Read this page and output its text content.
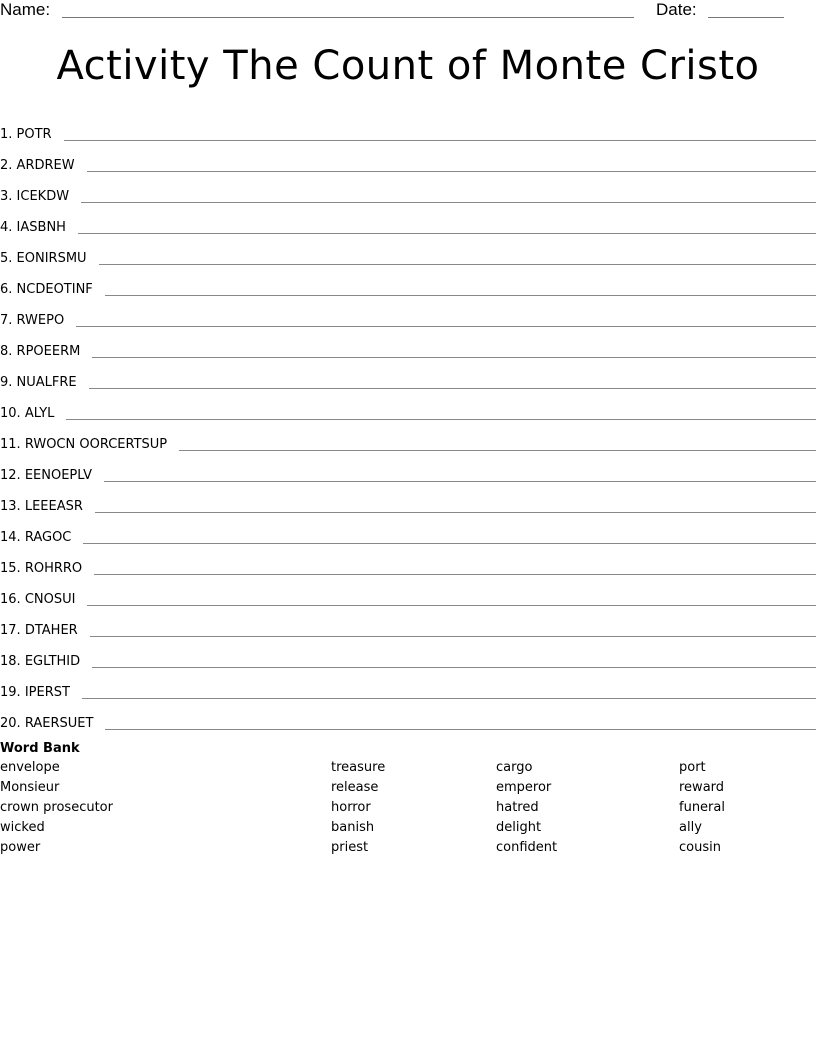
Name:	Date:
Activity The Count of Monte Cristo
1. POTR
2. ARDREW
3. ICEKDW
4. IASBNH
5. EONIRSMU
6. NCDEOTINF
7. RWEPO
8. RPOEERM
9. NUALFRE
10. ALYL
11. RWOCN OORCERTSUP
12. EENOEPLV
13. LEEEASR
14. RAGOC
15. ROHRRO
16. CNOSUI
17. DTAHER
18. EGLTHID
19. IPERST
20. RAERSUET
Word Bank
envelope
Monsieur
crown prosecutor
wicked
power
treasure
release
horror
banish
priest
cargo
emperor
hatred
delight
confident
port
reward
funeral
ally
cousin
